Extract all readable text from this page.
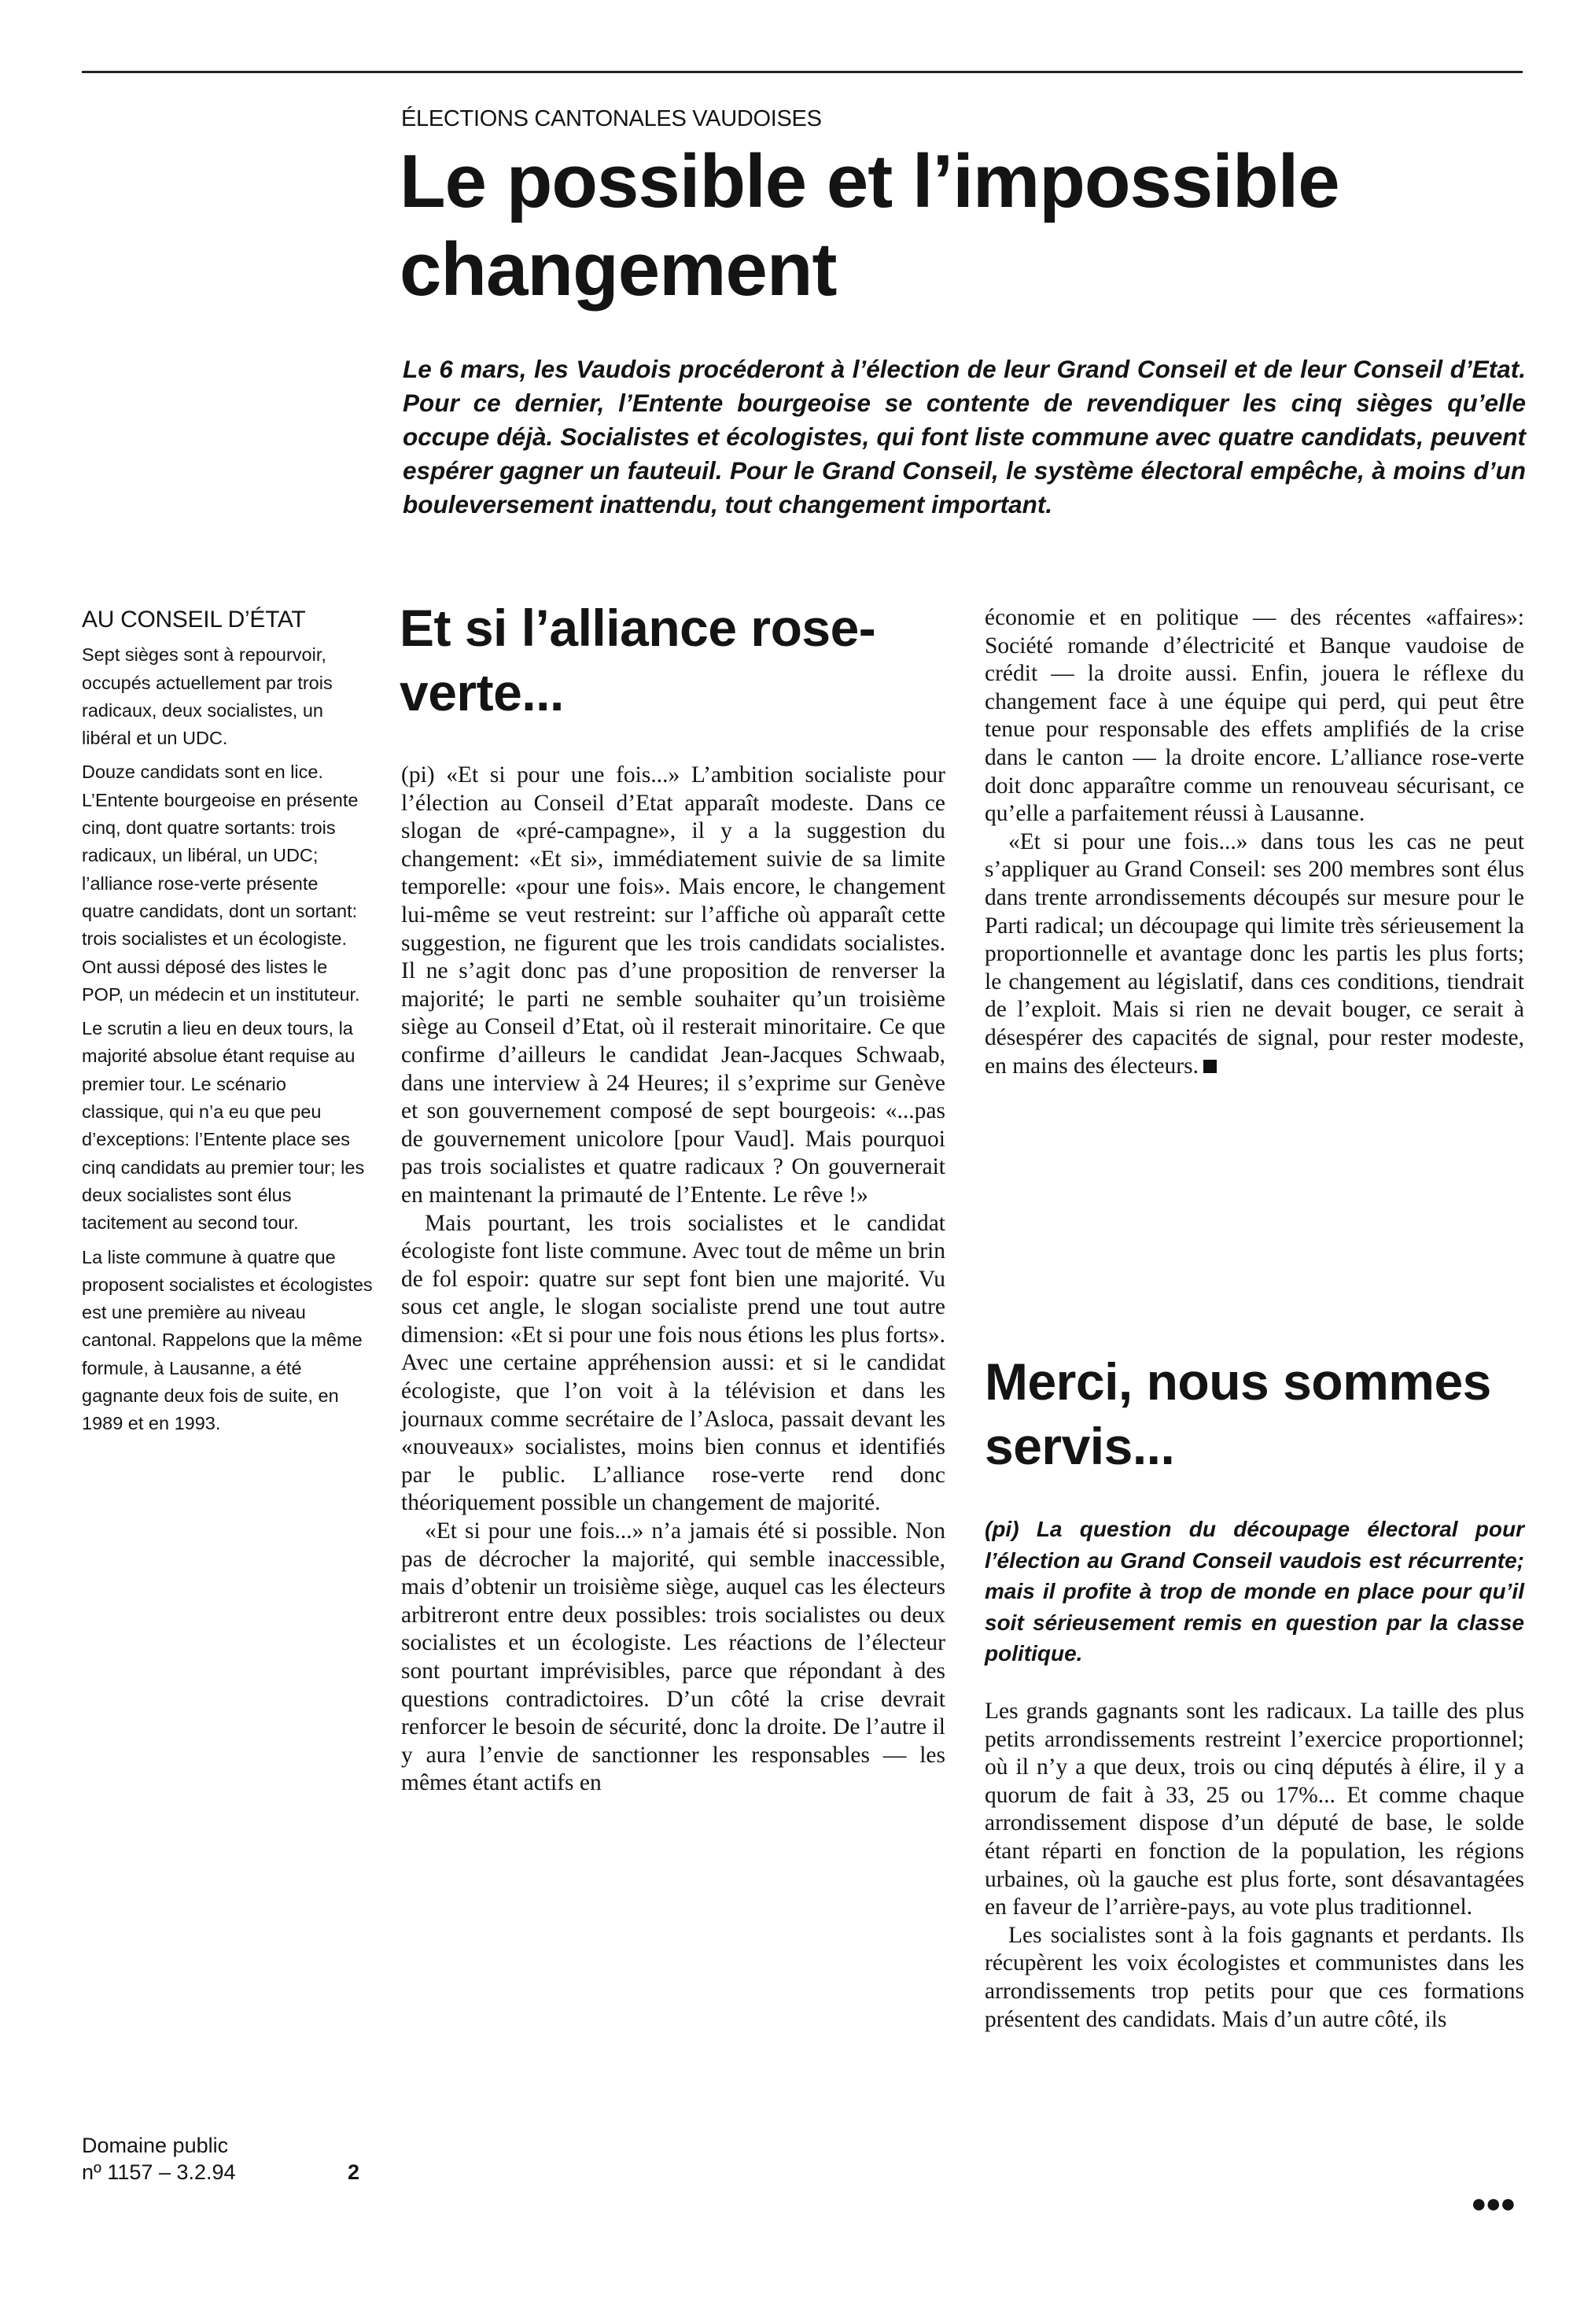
ÉLECTIONS CANTONALES VAUDOISES
Le possible et l’impossible changement

Le 6 mars, les Vaudois procéderont à l’élection de leur Grand Conseil et de leur Conseil d’Etat. Pour ce dernier, l’Entente bourgeoise se contente de revendiquer les cinq sièges qu’elle occupe déjà. Socialistes et écologistes, qui font liste commune avec quatre candidats, peuvent espérer gagner un fauteuil. Pour le Grand Conseil, le système électoral empêche, à moins d’un bouleversement inattendu, tout changement important.

AU CONSEIL D’ÉTAT

Sept sièges sont à repourvoir, occupés actuellement par trois radicaux, deux socialistes, un libéral et un UDC.

Douze candidats sont en lice. L’Entente bourgeoise en présente cinq, dont quatre sortants: trois radicaux, un libéral, un UDC; l’alliance rose-verte présente quatre candidats, dont un sortant: trois socialistes et un écologiste. Ont aussi déposé des listes le POP, un médecin et un instituteur.

Le scrutin a lieu en deux tours, la majorité absolue étant requise au premier tour. Le scénario classique, qui n’a eu que peu d’exceptions: l’Entente place ses cinq candidats au premier tour; les deux socialistes sont élus tacitement au second tour.

La liste commune à quatre que proposent socialistes et écologistes est une première au niveau cantonal. Rappelons que la même formule, à Lausanne, a été gagnante deux fois de suite, en 1989 et en 1993.

Domaine public
nº 1157 – 3.2.94	2
Et si l’alliance rose-verte...

(pi) «Et si pour une fois...» L’ambition socialiste pour l’élection au Conseil d’Etat apparaît modeste. Dans ce slogan de «pré-campagne», il y a la suggestion du changement: «Et si», immédiatement suivie de sa limite temporelle: «pour une fois». Mais encore, le changement lui-même se veut restreint: sur l’affiche où apparaît cette suggestion, ne figurent que les trois candidats socialistes. Il ne s’agit donc pas d’une proposition de renverser la majorité; le parti ne semble souhaiter qu’un troisième siège au Conseil d’Etat, où il resterait minoritaire. Ce que confirme d’ailleurs le candidat Jean-Jacques Schwaab, dans une interview à 24 Heures; il s’exprime sur Genève et son gouvernement composé de sept bourgeois: «...pas de gouvernement unicolore [pour Vaud]. Mais pourquoi pas trois socialistes et quatre radicaux ? On gouvernerait en maintenant la primauté de l’Entente. Le rêve !»

Mais pourtant, les trois socialistes et le candidat écologiste font liste commune. Avec tout de même un brin de fol espoir: quatre sur sept font bien une majorité. Vu sous cet angle, le slogan socialiste prend une tout autre dimension: «Et si pour une fois nous étions les plus forts». Avec une certaine appréhension aussi: et si le candidat écologiste, que l’on voit à la télévision et dans les journaux comme secrétaire de l’Asloca, passait devant les «nouveaux» socialistes, moins bien connus et identifiés par le public. L’alliance rose-verte rend donc théoriquement possible un changement de majorité.

«Et si pour une fois...» n’a jamais été si possible. Non pas de décrocher la majorité, qui semble inaccessible, mais d’obtenir un troisième siège, auquel cas les électeurs arbitreront entre deux possibles: trois socialistes ou deux socialistes et un écologiste. Les réactions de l’électeur sont pourtant imprévisibles, parce que répondant à des questions contradictoires. D’un côté la crise devrait renforcer le besoin de sécurité, donc la droite. De l’autre il y aura l’envie de sanctionner les responsables — les mêmes étant actifs en

économie et en politique — des récentes «affaires»: Société romande d’électricité et Banque vaudoise de crédit — la droite aussi. Enfin, jouera le réflexe du changement face à une équipe qui perd, qui peut être tenue pour responsable des effets amplifiés de la crise dans le canton — la droite encore. L’alliance rose-verte doit donc apparaître comme un renouveau sécurisant, ce qu’elle a parfaitement réussi à Lausanne.

«Et si pour une fois...» dans tous les cas ne peut s’appliquer au Grand Conseil: ses 200 membres sont élus dans trente arrondissements découpés sur mesure pour le Parti radical; un découpage qui limite très sérieusement la proportionnelle et avantage donc les partis les plus forts; le changement au législatif, dans ces conditions, tiendrait de l’exploit. Mais si rien ne devait bouger, ce serait à désespérer des capacités de signal, pour rester modeste, en mains des électeurs.

Merci, nous sommes servis...

(pi) La question du découpage électoral pour l’élection au Grand Conseil vaudois est récurrente; mais il profite à trop de monde en place pour qu’il soit sérieusement remis en question par la classe politique.

Les grands gagnants sont les radicaux. La taille des plus petits arrondissements restreint l’exercice proportionnel; où il n’y a que deux, trois ou cinq députés à élire, il y a quorum de fait à 33, 25 ou 17%... Et comme chaque arrondissement dispose d’un député de base, le solde étant réparti en fonction de la population, les régions urbaines, où la gauche est plus forte, sont désavantagées en faveur de l’arrière-pays, au vote plus traditionnel.

Les socialistes sont à la fois gagnants et perdants. Ils récupèrent les voix écologistes et communistes dans les arrondissements trop petits pour que ces formations présentent des candidats. Mais d’un autre côté, ils

●●●
